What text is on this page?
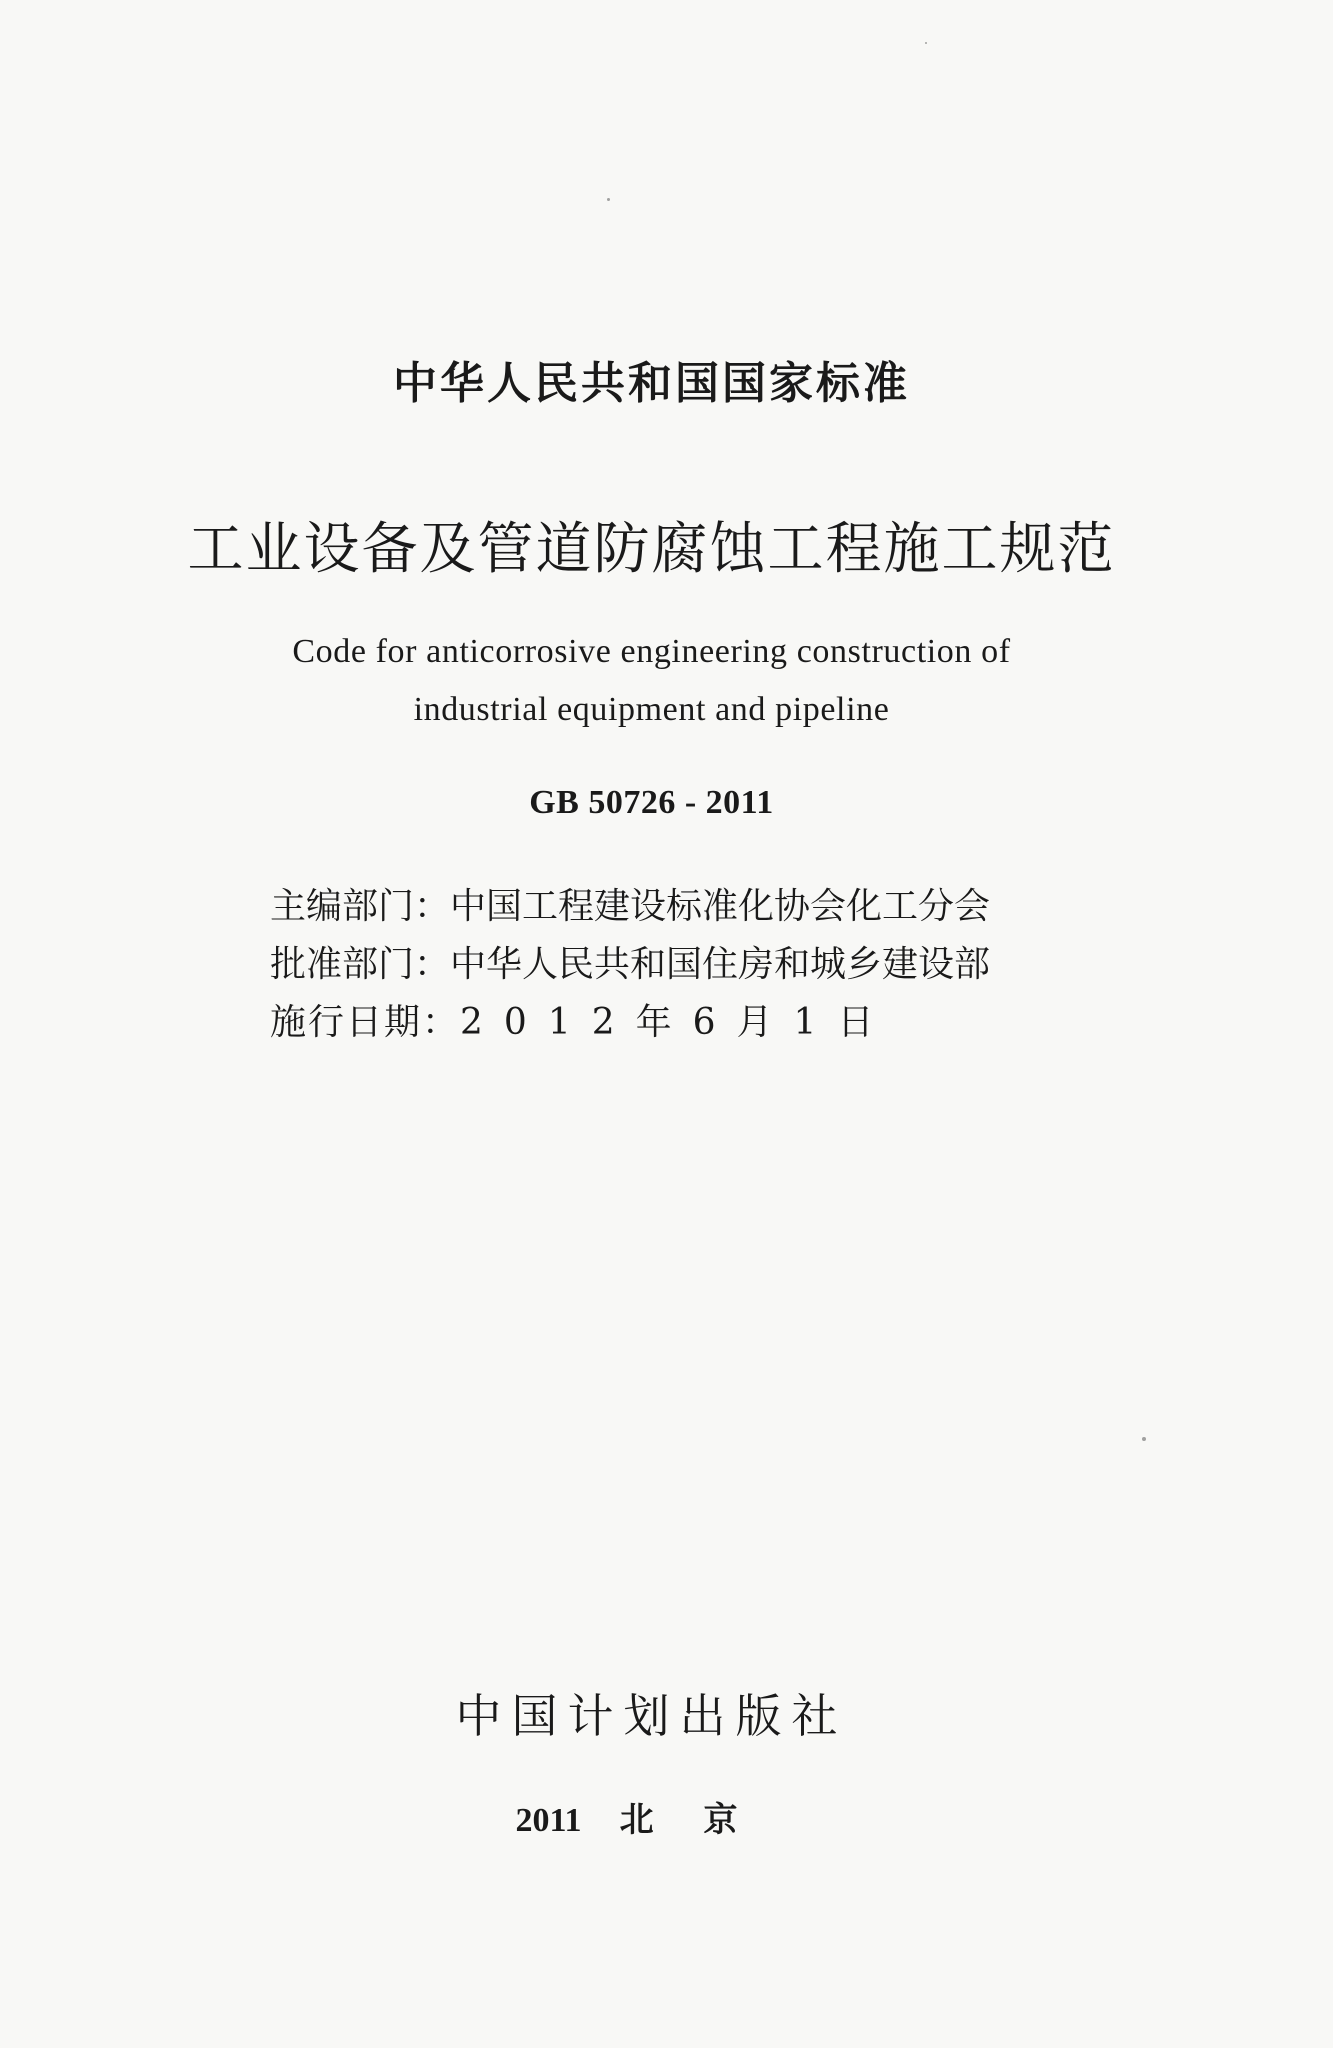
中华人民共和国国家标准
工业设备及管道防腐蚀工程施工规范
Code for anticorrosive engineering construction of
industrial equipment and pipeline
GB 50726 - 2011
主编部门：中国工程建设标准化协会化工分会
批准部门：中华人民共和国住房和城乡建设部
施行日期：2012年6月1日
中国计划出版社
2011 北京
